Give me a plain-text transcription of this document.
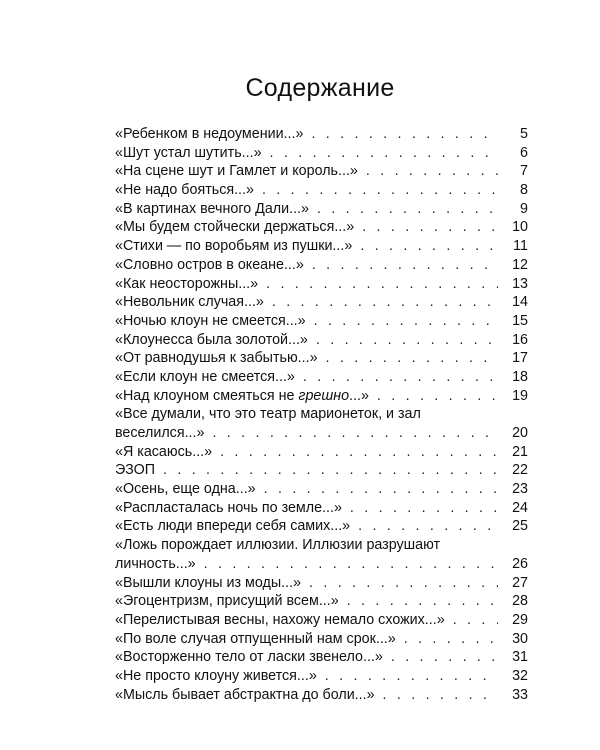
Содержание
«Ребенком в недоумении...» . . .	5
«Шут устал шутить...» . . .	6
«На сцене шут и Гамлет и король...» . . .	7
«Не надо бояться...» . . .	8
«В картинах вечного Дали...» . . .	9
«Мы будем стойчески держаться...» . . .	10
«Стихи — по воробьям из пушки...» . . .	11
«Словно остров в океане...» . . .	12
«Как неосторожны...» . . .	13
«Невольник случая...» . . .	14
«Ночью клоун не смеется...» . . .	15
«Клоунесса была золотой...» . . .	16
«От равнодушья к забытью...» . . .	17
«Если клоун не смеется...» . . .	18
«Над клоуном смеяться не грешно...» . . .	19
«Все думали, что это театр марионеток, и зал
веселился...» . . .	20
«Я касаюсь...» . . .	21
ЭЗОП . . .	22
«Осень, еще одна...» . . .	23
«Распласталась ночь по земле...» . . .	24
«Есть люди впереди себя самих...» . . .	25
«Ложь порождает иллюзии. Иллюзии разрушают
личность...» . . .	26
«Вышли клоуны из моды...» . . .	27
«Эгоцентризм, присущий всем...» . . .	28
«Перелистывая весны, нахожу немало схожих...» . . .	29
«По воле случая отпущенный нам срок...» . . .	30
«Восторженно тело от ласки звенело...» . . .	31
«Не просто клоуну живется...» . . .	32
«Мысль бывает абстрактна до боли...» . . .	33
